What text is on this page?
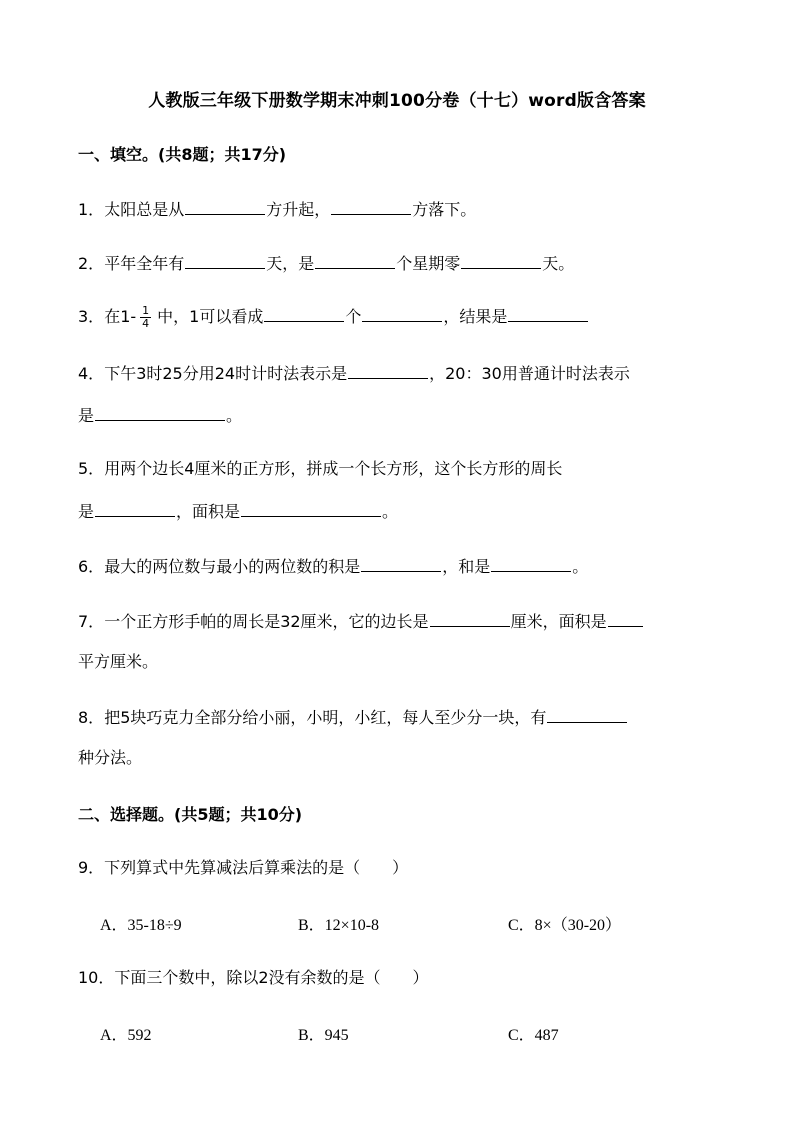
人教版三年级下册数学期末冲刺100分卷（十七）word版含答案
一、填空。(共8题；共17分)
1．太阳总是从	方升起，	方落下。
2．平年全年有	天，是	个星期零	天。
3．在$1- \frac{1}{4}$ 中，1可以看成	个	，结果是
4．下午3时25分用24时计时法表示是	，20：30用普通计时法表示
是	。
5．用两个边长4厘米的正方形，拼成一个长方形，这个长方形的周长
是	，面积是	。
6．最大的两位数与最小的两位数的积是	，和是	。
7．一个正方形手帕的周长是32厘米，它的边长是	厘米，面积是
平方厘米。
8．把5块巧克力全部分给小丽，小明，小红，每人至少分一块，有
种分法。
二、选择题。(共5题；共10分)
9．下列算式中先算减法后算乘法的是（　　）
A．35-18÷9	B．12×10-8	C．8×（30-20）
10．下面三个数中，除以2没有余数的是（　　）
A．592	B．945	C．487
